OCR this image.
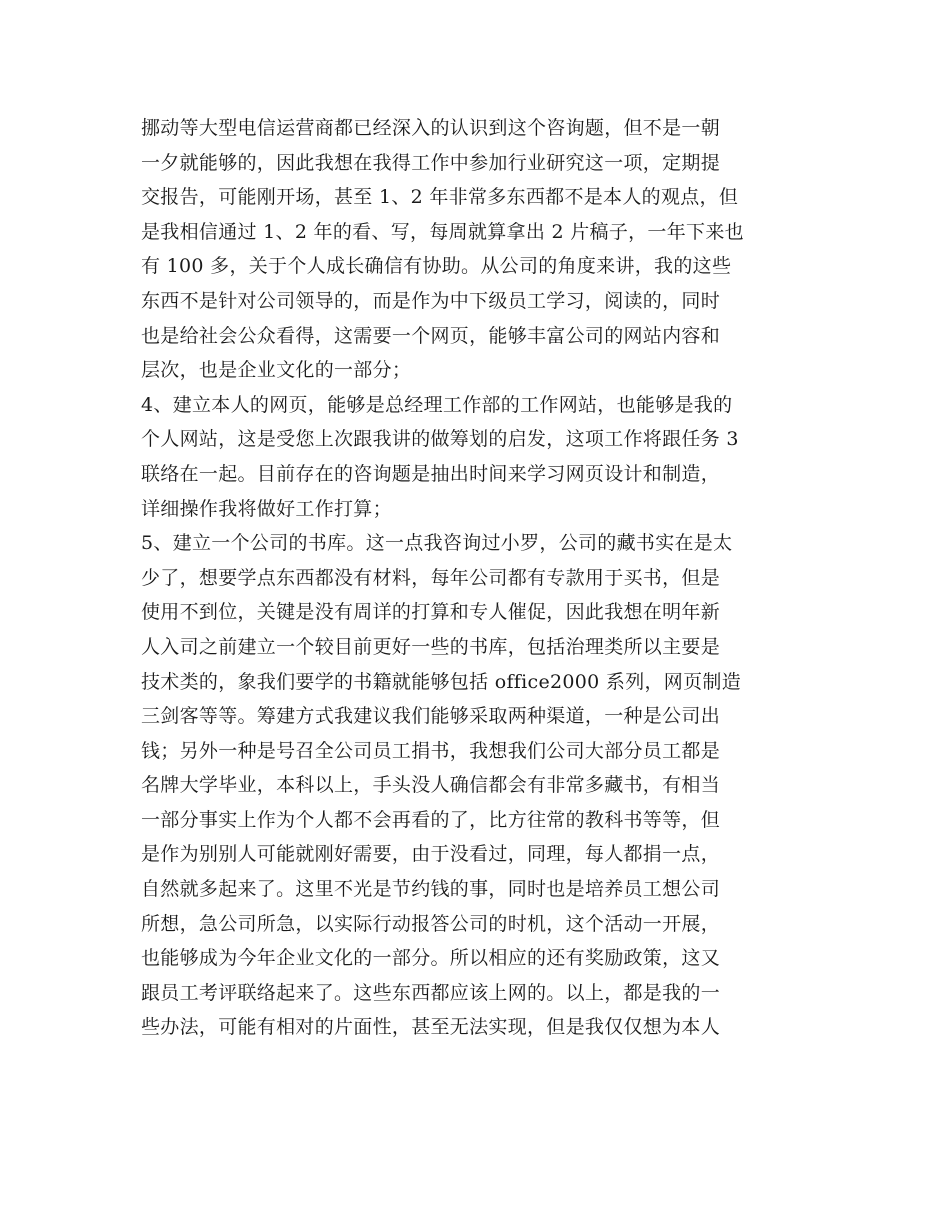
挪动等大型电信运营商都已经深入的认识到这个咨询题，但不是一朝
一夕就能够的，因此我想在我得工作中参加行业研究这一项，定期提
交报告，可能刚开场，甚至 1、2 年非常多东西都不是本人的观点，但
是我相信通过 1、2 年的看、写，每周就算拿出 2 片稿子，一年下来也
有 100 多，关于个人成长确信有协助。从公司的角度来讲，我的这些
东西不是针对公司领导的，而是作为中下级员工学习，阅读的，同时
也是给社会公众看得，这需要一个网页，能够丰富公司的网站内容和
层次，也是企业文化的一部分；
4、建立本人的网页，能够是总经理工作部的工作网站，也能够是我的
个人网站，这是受您上次跟我讲的做筹划的启发，这项工作将跟任务 3
联络在一起。目前存在的咨询题是抽出时间来学习网页设计和制造，
详细操作我将做好工作打算；
5、建立一个公司的书库。这一点我咨询过小罗，公司的藏书实在是太
少了，想要学点东西都没有材料，每年公司都有专款用于买书，但是
使用不到位，关键是没有周详的打算和专人催促，因此我想在明年新
人入司之前建立一个较目前更好一些的书库，包括治理类所以主要是
技术类的，象我们要学的书籍就能够包括 office2000 系列，网页制造
三剑客等等。筹建方式我建议我们能够采取两种渠道，一种是公司出
钱；另外一种是号召全公司员工捐书，我想我们公司大部分员工都是
名牌大学毕业，本科以上，手头没人确信都会有非常多藏书，有相当
一部分事实上作为个人都不会再看的了，比方往常的教科书等等，但
是作为别别人可能就刚好需要，由于没看过，同理，每人都捐一点，
自然就多起来了。这里不光是节约钱的事，同时也是培养员工想公司
所想，急公司所急，以实际行动报答公司的时机，这个活动一开展，
也能够成为今年企业文化的一部分。所以相应的还有奖励政策，这又
跟员工考评联络起来了。这些东西都应该上网的。以上，都是我的一
些办法，可能有相对的片面性，甚至无法实现，但是我仅仅想为本人
